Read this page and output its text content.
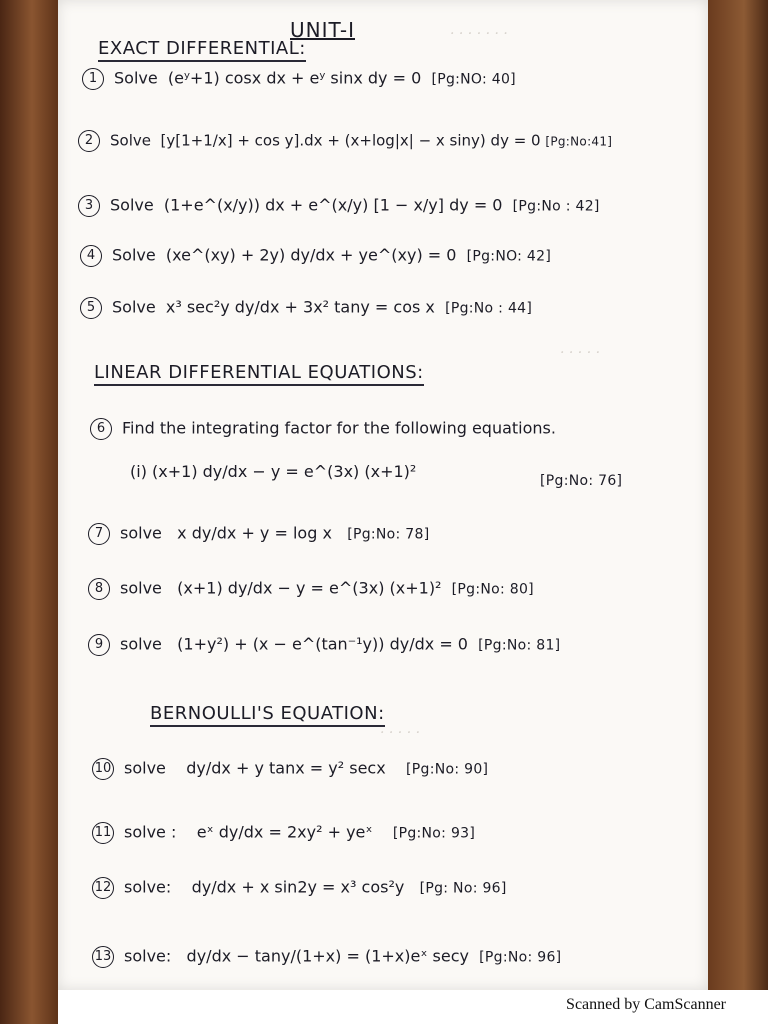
· · · · · · ·
· · · · ·
· · · · ·
UNIT-I
EXACT DIFFERENTIAL:
1 Solve (eʸ+1) cosx dx + eʸ sinx dy = 0 [Pg:NO: 40]
2 Solve [y[1+1/x] + cos y].dx + (x+log|x| − x siny) dy = 0 [Pg:No:41]
3 Solve (1+e^(x/y)) dx + e^(x/y) [1 − x/y] dy = 0 [Pg:No : 42]
4 Solve (xe^(xy) + 2y) dy/dx + ye^(xy) = 0 [Pg:NO: 42]
5 Solve x³ sec²y dy/dx + 3x² tany = cos x [Pg:No : 44]
LINEAR DIFFERENTIAL EQUATIONS:
6 Find the integrating factor for the following equations.
(i) (x+1) dy/dx − y = e^(3x) (x+1)²	[Pg:No: 76]
7 solve x dy/dx + y = log x [Pg:No: 78]
8 solve (x+1) dy/dx − y = e^(3x) (x+1)² [Pg:No: 80]
9 solve (1+y²) + (x − e^(tan⁻¹y)) dy/dx = 0 [Pg:No: 81]
BERNOULLI'S EQUATION:
10 solve dy/dx + y tanx = y² secx [Pg:No: 90]
11 solve : eˣ dy/dx = 2xy² + yeˣ [Pg:No: 93]
12 solve: dy/dx + x sin2y = x³ cos²y [Pg: No: 96]
13 solve: dy/dx − tany/(1+x) = (1+x)eˣ secy [Pg:No: 96]
Scanned by CamScanner
